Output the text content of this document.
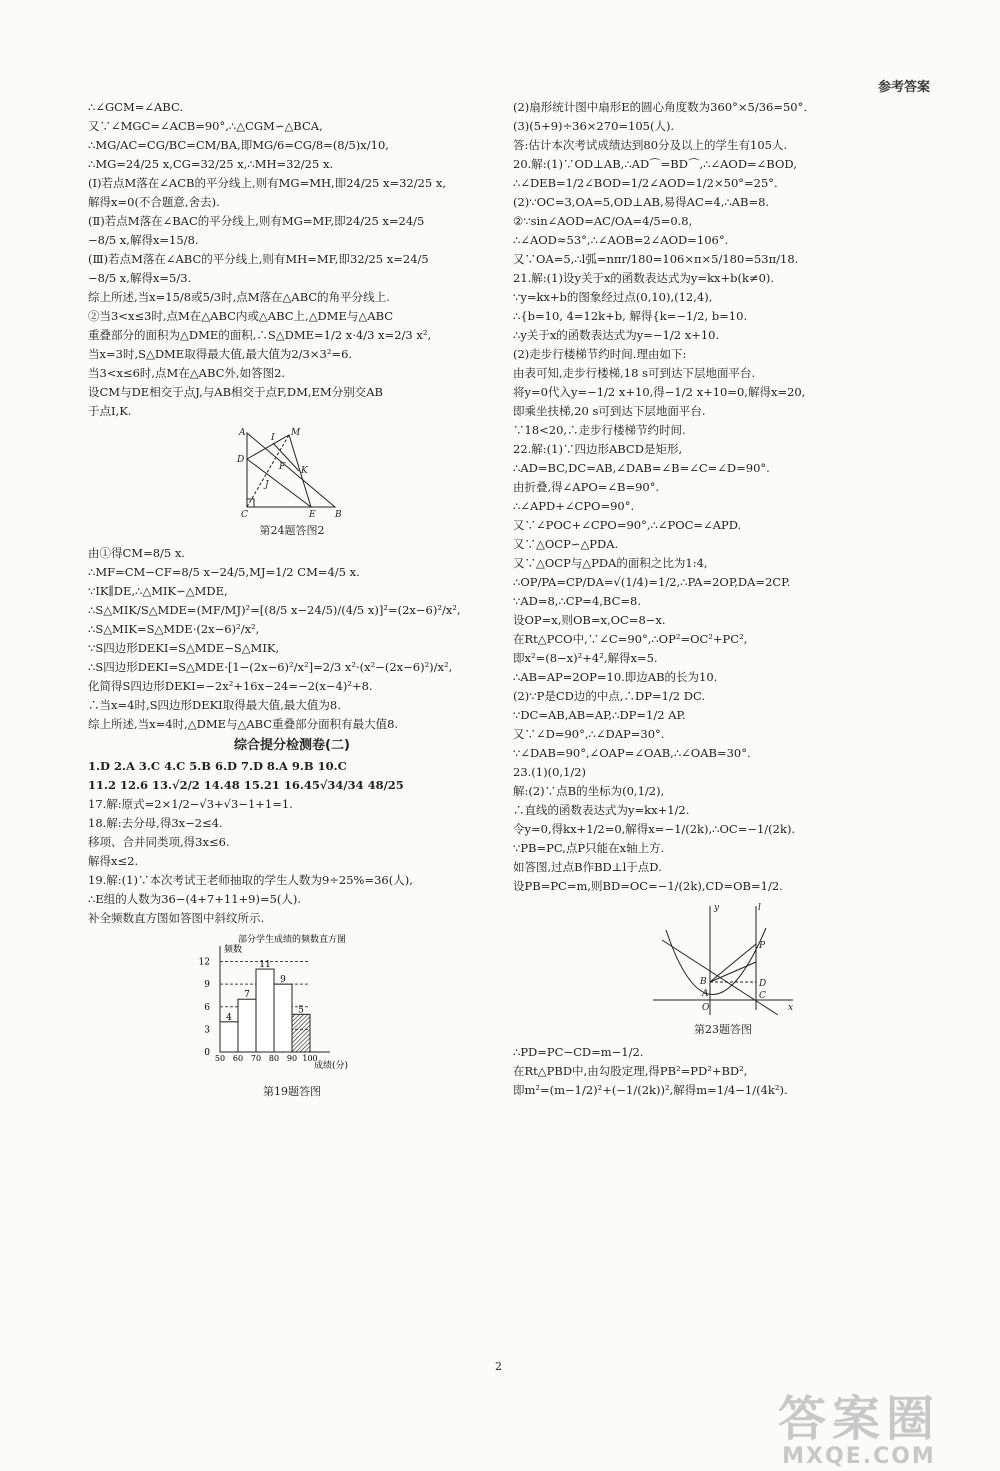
参考答案
∴∠GCM=∠ABC.
又∵∠MGC=∠ACB=90°,∴△CGM∽△BCA,
∴MG/AC=CG/BC=CM/BA,即MG/6=CG/8=(8/5)x/10,
∴MG=24/25 x,CG=32/25 x,∴MH=32/25 x.
(Ⅰ)若点M落在∠ACB的平分线上,则有MG=MH,即24/25 x=32/25 x,
解得x=0(不合题意,舍去).
(Ⅱ)若点M落在∠BAC的平分线上,则有MG=MF,即24/25 x=24/5
−8/5 x,解得x=15/8.
(Ⅲ)若点M落在∠ABC的平分线上,则有MH=MF,即32/25 x=24/5
−8/5 x,解得x=5/3.
综上所述,当x=15/8或5/3时,点M落在△ABC的角平分线上.
②当3<x≤3时,点M在△ABC内或△ABC上,△DME与△ABC
重叠部分的面积为△DME的面积,∴S△DME=1/2 x·4/3 x=2/3 x²,
当x=3时,S△DME取得最大值,最大值为2/3×3²=6.
当3<x≤6时,点M在△ABC外,如答图2.
设CM与DE相交于点J,与AB相交于点F,DM,EM分别交AB
于点I,K.
A	M
D
I
K
F
J
C	E B
第24题答图2
由①得CM=8/5 x.
∴MF=CM−CF=8/5 x−24/5,MJ=1/2 CM=4/5 x.
∵IK∥DE,∴△MIK∽△MDE,
∴S△MIK/S△MDE=(MF/MJ)²=[(8/5 x−24/5)/(4/5 x)]²=(2x−6)²/x²,
∴S△MIK=S△MDE·(2x−6)²/x²,
∵S四边形DEKI=S△MDE−S△MIK,
∴S四边形DEKI=S△MDE·[1−(2x−6)²/x²]=2/3 x²·(x²−(2x−6)²)/x²,
化简得S四边形DEKI=−2x²+16x−24=−2(x−4)²+8.
∴当x=4时,S四边形DEKI取得最大值,最大值为8.
综上所述,当x=4时,△DME与△ABC重叠部分面积有最大值8.
综合提分检测卷(二)
1.D 2.A 3.C 4.C 5.B 6.D 7.D 8.A 9.B 10.C
11.2 12.6 13.√2/2 14.48 15.21 16.45√34/34 48/25
17.解:原式=2×1/2−√3+√3−1+1=1.
18.解:去分母,得3x−2≤4.
移项、合并同类项,得3x≤6.
解得x≤2.
19.解:(1)∵本次考试王老师抽取的学生人数为9÷25%=36(人),
∴E组的人数为36−(4+7+11+9)=5(人).
补全频数直方图如答图中斜纹所示.
部分学生成绩的频数直方图
频数
成绩(分)
0
3
6
9
12
50 60 70 80 90 100
4
7
11
9
5
第19题答图
(2)扇形统计图中扇形E的圆心角度数为360°×5/36=50°.
(3)(5+9)÷36×270=105(人).
答:估计本次考试成绩达到80分及以上的学生有105人.
20.解:(1)∵OD⊥AB,∴AD⌒=BD⌒,∴∠AOD=∠BOD,
∴∠DEB=1/2∠BOD=1/2∠AOD=1/2×50°=25°.
(2)∵OC=3,OA=5,OD⊥AB,易得AC=4,∴AB=8.
②∵sin∠AOD=AC/OA=4/5=0.8,
∴∠AOD≈53°,∴∠AOB=2∠AOD=106°.
又∵OA=5,∴l弧=nπr/180=106×π×5/180=53π/18.
21.解:(1)设y关于x的函数表达式为y=kx+b(k≠0).
∵y=kx+b的图象经过点(0,10),(12,4),
∴{b=10, 4=12k+b, 解得{k=−1/2, b=10.
∴y关于x的函数表达式为y=−1/2 x+10.
(2)走步行楼梯节约时间.理由如下:
由表可知,走步行楼梯,18 s可到达下层地面平台.
将y=0代入y=−1/2 x+10,得−1/2 x+10=0,解得x=20,
即乘坐扶梯,20 s可到达下层地面平台.
∵18<20,∴走步行楼梯节约时间.
22.解:(1)∵四边形ABCD是矩形,
∴AD=BC,DC=AB,∠DAB=∠B=∠C=∠D=90°.
由折叠,得∠APO=∠B=90°.
∴∠APD+∠CPO=90°.
又∵∠POC+∠CPO=90°,∴∠POC=∠APD.
又∵△OCP∽△PDA.
又∵△OCP与△PDA的面积之比为1:4,
∴OP/PA=CP/DA=√(1/4)=1/2,∴PA=2OP,DA=2CP.
∵AD=8,∴CP=4,BC=8.
设OP=x,则OB=x,OC=8−x.
在Rt△PCO中,∵∠C=90°,∴OP²=OC²+PC²,
即x²=(8−x)²+4²,解得x=5.
∴AB=AP=2OP=10.即边AB的长为10.
(2)∵P是CD边的中点,∴DP=1/2 DC.
∵DC=AB,AB=AP,∴DP=1/2 AP.
又∵∠D=90°,∴∠DAP=30°.
∵∠DAB=90°,∠OAP=∠OAB,∴∠OAB=30°.
23.(1)(0,1/2)
解:(2)∵点B的坐标为(0,1/2),
∴直线的函数表达式为y=kx+1/2.
令y=0,得kx+1/2=0,解得x=−1/(2k),∴OC=−1/(2k).
∵PB=PC,点P只能在x轴上方.
如答图,过点B作BD⊥l于点D.
设PB=PC=m,则BD=OC=−1/(2k),CD=OB=1/2.
y	l
x
P
B	D
A
O
C
第23题答图
∴PD=PC−CD=m−1/2.
在Rt△PBD中,由勾股定理,得PB²=PD²+BD²,
即m²=(m−1/2)²+(−1/(2k))²,解得m=1/4−1/(4k²).
2
答案圈
MXQE.COM
